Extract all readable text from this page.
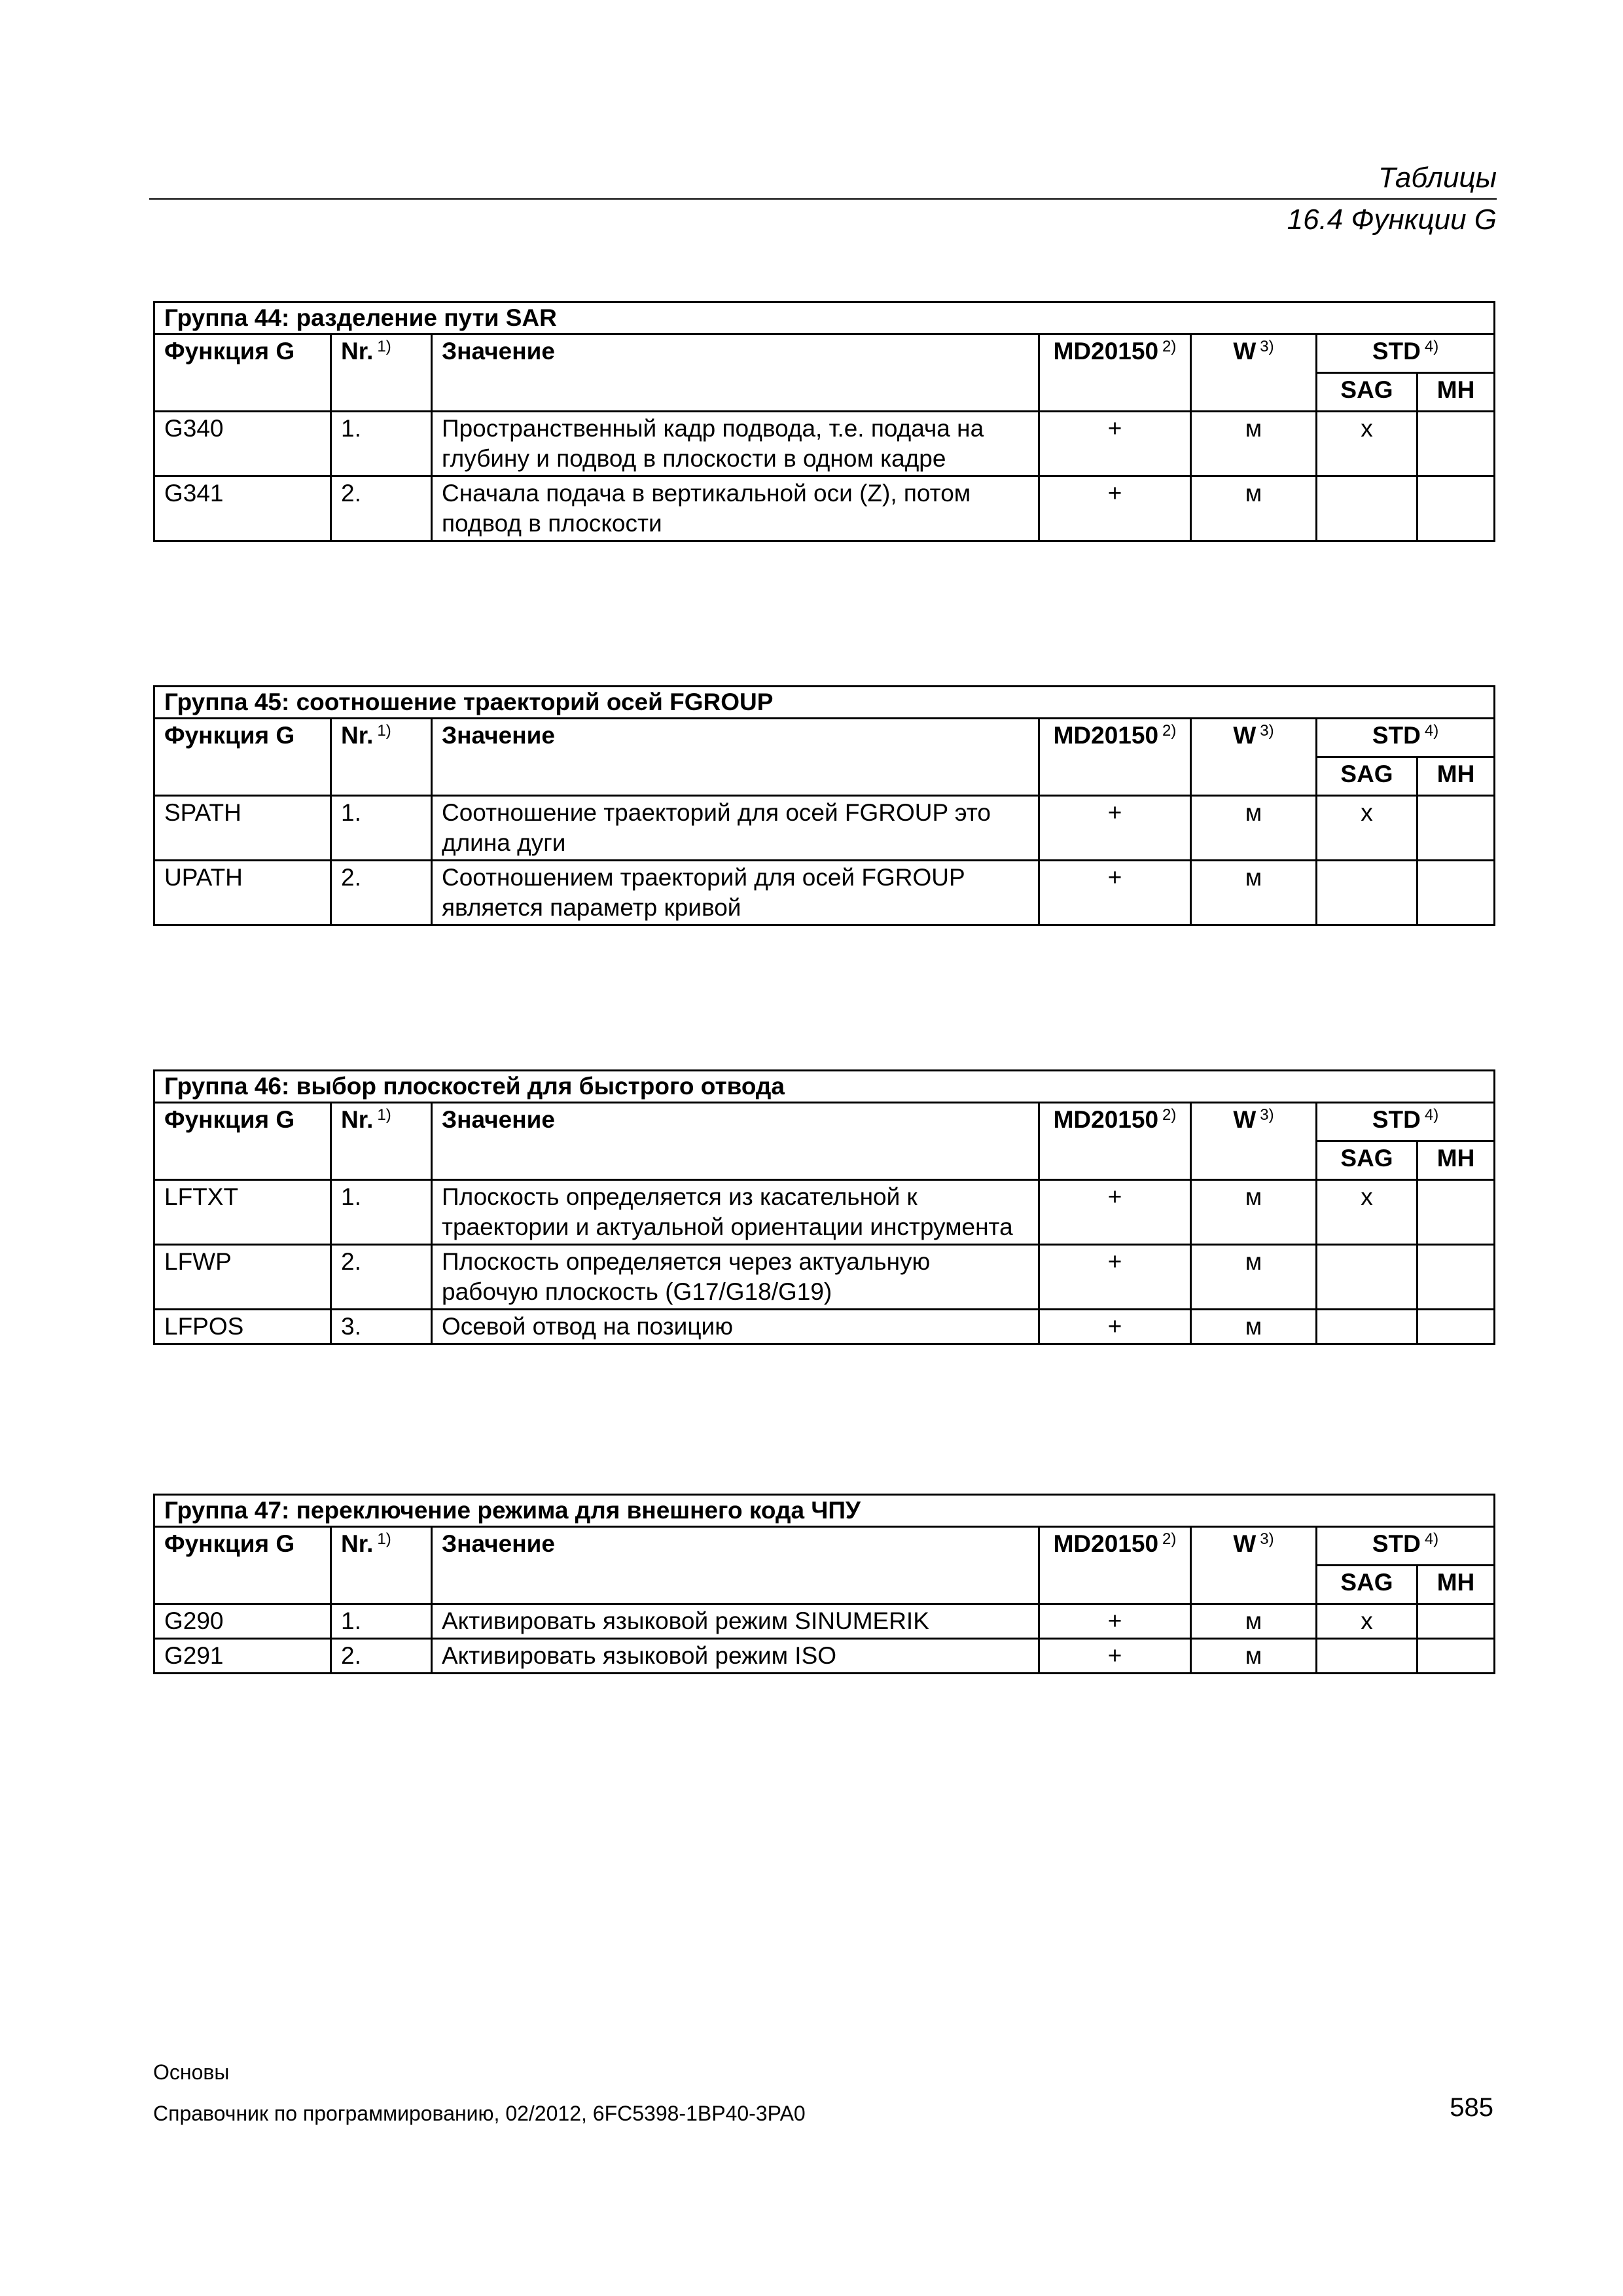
Таблицы
16.4 Функции G
Группа 44: разделение пути SAR						
Функция G	Nr. $^{1)}$	Значение	MD20150 $^{2)}$	W $^{3)}$	STD $^{4)}$
					SAG	MH
G340	1.	Пространственный кадр подвода, т.е. подача на глубину и подвод в плоскости в одном кадре	+	м	x	
G341	2.	Сначала подача в вертикальной оси (Z), потом подвод в плоскости	+	м		
Группа 45: соотношение траекторий осей FGROUP						
Функция G	Nr. $^{1)}$	Значение	MD20150 $^{2)}$	W $^{3)}$	STD $^{4)}$
					SAG	MH
SPATH	1.	Соотношение траекторий для осей FGROUP это длина дуги	+	м	x	
UPATH	2.	Соотношением траекторий для осей FGROUP является параметр кривой	+	м		
Группа 46: выбор плоскостей для быстрого отвода						
Функция G	Nr. $^{1)}$	Значение	MD20150 $^{2)}$	W $^{3)}$	STD $^{4)}$
					SAG	MH
LFTXT	1.	Плоскость определяется из касательной к траектории и актуальной ориентации инструмента	+	м	x	
LFWP	2.	Плоскость определяется через актуальную рабочую плоскость (G17/G18/G19)	+	м		
LFPOS	3.	Осевой отвод на позицию	+	м		
Группа 47: переключение режима для внешнего кода ЧПУ						
Функция G	Nr. $^{1)}$	Значение	MD20150 $^{2)}$	W $^{3)}$	STD $^{4)}$
					SAG	MH
G290	1.	Активировать языковой режим SINUMERIK	+	м	x	
G291	2.	Активировать языковой режим ISO	+	м		
Основы
Справочник по программированию, 02/2012, 6FC5398-1BP40-3PA0	585
